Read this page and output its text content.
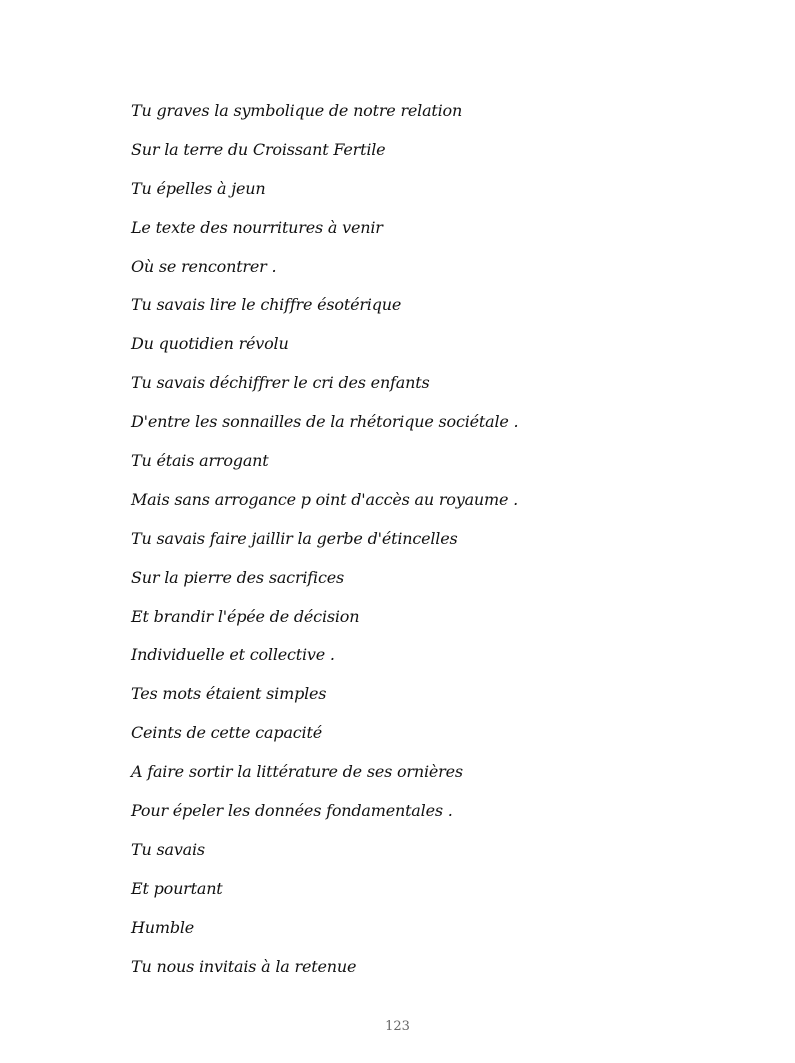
Tu graves la symbolique de notre relation
Sur la terre du Croissant Fertile
Tu épelles à jeun
Le texte des nourritures à venir
Où se rencontrer .
Tu savais lire le chiffre ésotérique
Du quotidien révolu
Tu savais déchiffrer le cri des enfants
D'entre les sonnailles de la rhétorique sociétale .
Tu étais arrogant
Mais sans arrogance p oint d'accès au royaume .
Tu savais faire jaillir la gerbe d'étincelles
Sur la pierre des sacrifices
Et brandir l'épée de décision
Individuelle et collective .
Tes mots étaient simples
Ceints de cette capacité
A faire sortir la littérature de ses ornières
Pour épeler les données fondamentales .
Tu savais
Et pourtant
Humble
Tu nous invitais à la retenue
123
